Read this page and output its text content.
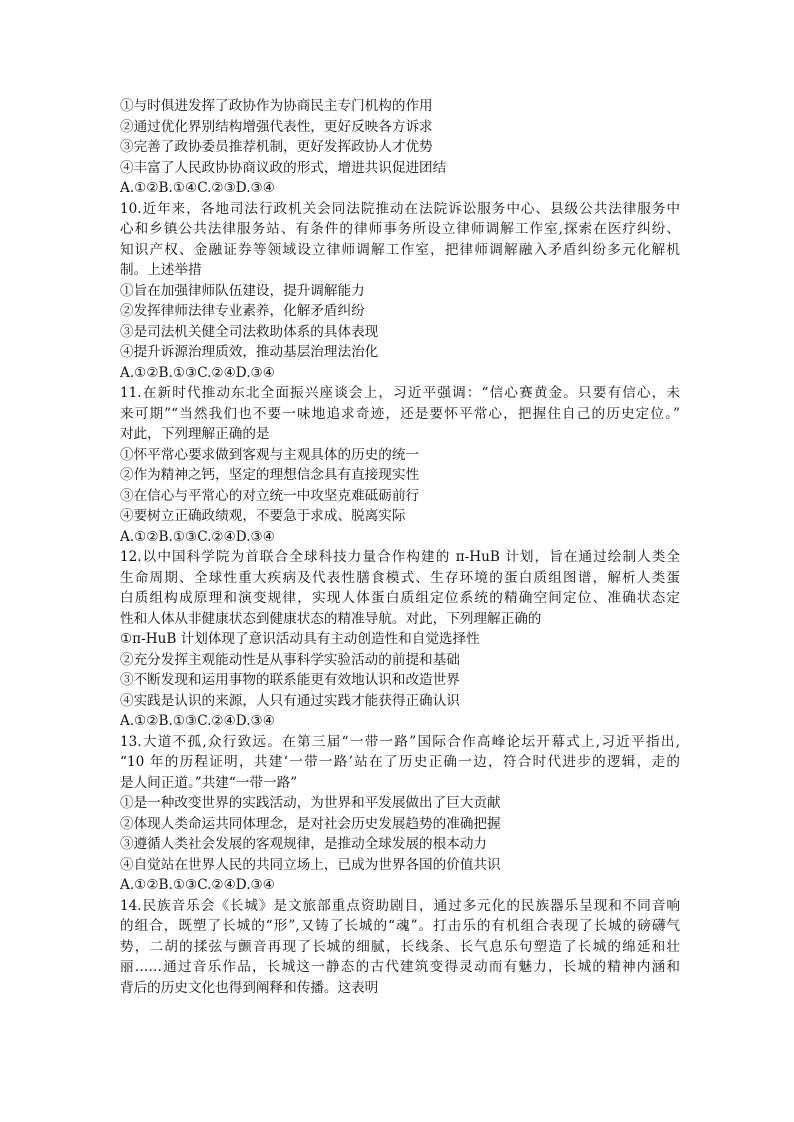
①与时俱进发挥了政协作为协商民主专门机构的作用
②通过优化界别结构增强代表性，更好反映各方诉求
③完善了政协委员推荐机制，更好发挥政协人才优势
④丰富了人民政协协商议政的形式，增进共识促进团结
A.①②B.①④C.②③D.③④
10.近年来，各地司法行政机关会同法院推动在法院诉讼服务中心、县级公共法律服务中
心和乡镇公共法律服务站、有条件的律师事务所设立律师调解工作室,探索在医疗纠纷、
知识产权、金融证券等领域设立律师调解工作室，把律师调解融入矛盾纠纷多元化解机
制。上述举措
①旨在加强律师队伍建设，提升调解能力
②发挥律师法律专业素养，化解矛盾纠纷
③是司法机关健全司法救助体系的具体表现
④提升诉源治理质效，推动基层治理法治化
A.①②B.①③C.②④D.③④
11.在新时代推动东北全面振兴座谈会上，习近平强调：“信心赛黄金。只要有信心，未
来可期”“当然我们也不要一味地追求奇迹，还是要怀平常心，把握住自己的历史定位。”
对此，下列理解正确的是
①怀平常心要求做到客观与主观具体的历史的统一
②作为精神之钙，坚定的理想信念具有直接现实性
③在信心与平常心的对立统一中攻坚克难砥砺前行
④要树立正确政绩观，不要急于求成、脱离实际
A.①②B.①③C.②④D.③④
12.以中国科学院为首联合全球科技力量合作构建的 π-HuB 计划，旨在通过绘制人类全
生命周期、全球性重大疾病及代表性膳食模式、生存环境的蛋白质组图谱，解析人类蛋
白质组构成原理和演变规律，实现人体蛋白质组定位系统的精确空间定位、准确状态定
性和人体从非健康状态到健康状态的精准导航。对此，下列理解正确的
①π-HuB 计划体现了意识活动具有主动创造性和自觉选择性
②充分发挥主观能动性是从事科学实验活动的前提和基础
③不断发现和运用事物的联系能更有效地认识和改造世界
④实践是认识的来源，人只有通过实践才能获得正确认识
A.①②B.①③C.②④D.③④
13.大道不孤,众行致远。在第三届“一带一路”国际合作高峰论坛开幕式上,习近平指出,
“10 年的历程证明，共建‘一带一路’站在了历史正确一边，符合时代进步的逻辑，走的
是人间正道。”共建“一带一路”
①是一种改变世界的实践活动，为世界和平发展做出了巨大贡献
②体现人类命运共同体理念，是对社会历史发展趋势的准确把握
③遵循人类社会发展的客观规律，是推动全球发展的根本动力
④自觉站在世界人民的共同立场上，已成为世界各国的价值共识
A.①②B.①③C.②④D.③④
14.民族音乐会《长城》是文旅部重点资助剧目，通过多元化的民族器乐呈现和不同音响
的组合，既塑了长城的“形”,又铸了长城的“魂”。打击乐的有机组合表现了长城的磅礴气
势，二胡的揉弦与颤音再现了长城的细腻，长线条、长气息乐句塑造了长城的绵延和壮
丽……通过音乐作品，长城这一静态的古代建筑变得灵动而有魅力，长城的精神内涵和
背后的历史文化也得到阐释和传播。这表明
